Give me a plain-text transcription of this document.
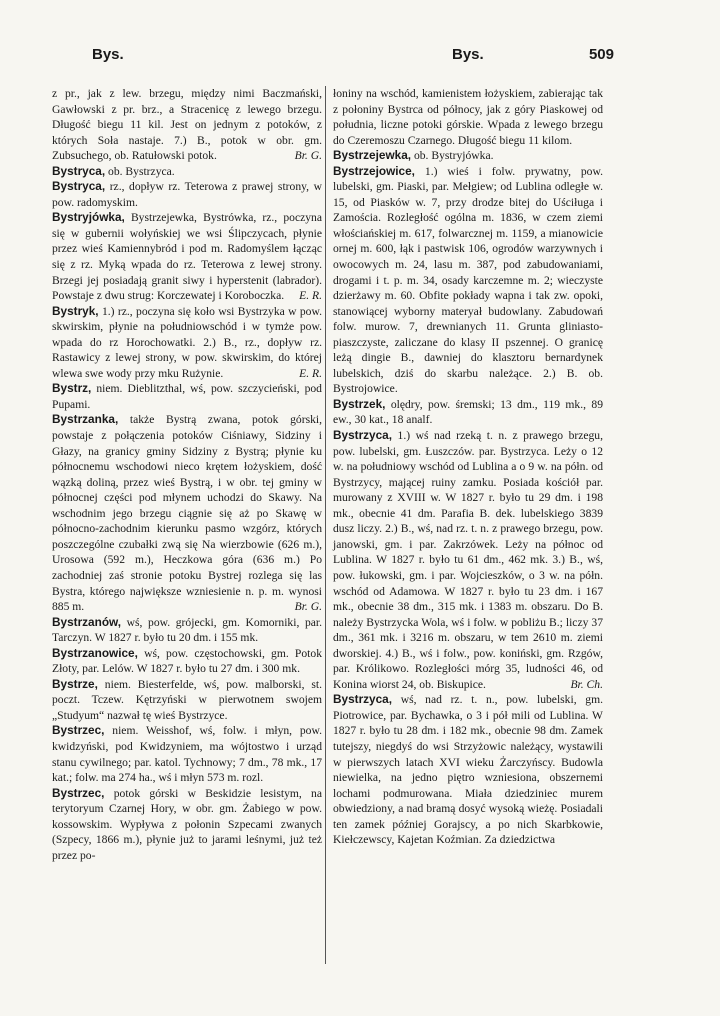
Bys.	Bys.	509

z pr., jak z lew. brzegu, między nimi Baczmański, Gawłowski z pr. brz., a Stracenicę z lewego brzegu. Długość biegu 11 kil. Jest on jednym z potoków, z których Soła nastaje. 7.) B., potok w obr. gm. Zubsuchego, ob. Ratułowski potok.	Br. G.

Bystryca, ob. Bystrzyca.

Bystryca, rz., dopływ rz. Teterowa z prawej strony, w pow. radomyskim.

Bystryjówka, Bystrzejewka, Bystrówka, rz., poczyna się w gubernii wołyńskiej we wsi Ślipczycach, płynie przez wieś Kamiennybród i pod m. Radomyślem łącząc się z rz. Myką wpada do rz. Teterowa z lewej strony. Brzegi jej posiadają granit siwy i hyperstenit (labrador). Powstaje z dwu strug: Korczewatej i Koroboczka. E. R.

Bystryk, 1.) rz., poczyna się koło wsi Bystrzyka w pow. skwirskim, płynie na południowschód i w tymże pow. wpada do rz Horochowatki. 2.) B., rz., dopływ rz. Rastawicy z lewej strony, w pow. skwirskim, do której wlewa swe wody przy mku Rużynie.	E. R.

Bystrz, niem. Dieblitzthal, wś, pow. szczycieński, pod Pupami.

Bystrzanka, także Bystrą zwana, potok górski, powstaje z połączenia potoków Ciśniawy, Sidziny i Głazy, na granicy gminy Sidziny z Bystrą; płynie ku północnemu wschodowi nieco krętem łożyskiem, dość wązką doliną, przez wieś Bystrą, i w obr. tej gminy w północnej części pod młynem uchodzi do Skawy. Na wschodnim jego brzegu ciągnie się aż po Skawę w północno-zachodnim kierunku pasmo wzgórz, których poszczególne czubałki zwą się Na wierzbowie (626 m.), Urosowa (592 m.), Heczkowa góra (636 m.) Po zachodniej zaś stronie potoku Bystrej rozlega się las Bystra, którego największe wzniesienie n. p. m. wynosi 885 m.	Br. G.

Bystrzanów, wś, pow. grójecki, gm. Komorniki, par. Tarczyn. W 1827 r. było tu 20 dm. i 155 mk.

Bystrzanowice, wś, pow. częstochowski, gm. Potok Złoty, par. Lelów. W 1827 r. było tu 27 dm. i 300 mk.

Bystrze, niem. Biesterfelde, wś, pow. malborski, st. poczt. Tczew. Kętrzyński w pierwotnem swojem „Studyum“ nazwał tę wieś Bystrzyce.

Bystrzec, niem. Weisshof, wś, folw. i młyn, pow. kwidzyński, pod Kwidzyniem, ma wójtostwo i urząd stanu cywilnego; par. katol. Tychnowy; 7 dm., 78 mk., 17 kat.; folw. ma 274 ha., wś i młyn 573 m. rozl.

Bystrzec, potok górski w Beskidzie lesistym, na terytoryum Czarnej Hory, w obr. gm. Żabiego w pow. kossowskim. Wypływa z połonin Szpecami zwanych (Szpecy, 1866 m.), płynie już to jarami leśnymi, już też przez po-

łoniny na wschód, kamienistem łożyskiem, zabierając tak z połoniny Bystrca od północy, jak z góry Piaskowej od południa, liczne potoki górskie. Wpada z lewego brzegu do Czeremoszu Czarnego. Długość biegu 11 kilom.

Bystrzejewka, ob. Bystryjówka.

Bystrzejowice, 1.) wieś i folw. prywatny, pow. lubelski, gm. Piaski, par. Mełgiew; od Lublina odległe w. 15, od Piasków w. 7, przy drodze bitej do Uściługa i Zamościa. Rozległość ogólna m. 1836, w czem ziemi włościańskiej m. 617, folwarcznej m. 1159, a mianowicie ornej m. 600, łąk i pastwisk 106, ogrodów warzywnych i owocowych m. 24, lasu m. 387, pod zabudowaniami, drogami i t. p. m. 34, osady karczemne m. 2; wieczyste dzierżawy m. 60. Obfite pokłady wapna i tak zw. opoki, stanowiącej wyborny materyał budowlany. Zabudowań folw. murow. 7, drewnianych 11. Grunta gliniasto-piaszczyste, zaliczane do klasy II pszennej. O granicę leżą dingie B., dawniej do klasztoru bernardynek lubelskich, dziś do skarbu należące. 2.) B. ob. Bystrojowice.

Bystrzek, olędry, pow. śremski; 13 dm., 119 mk., 89 ew., 30 kat., 18 analf.

Bystrzyca, 1.) wś nad rzeką t. n. z prawego brzegu, pow. lubelski, gm. Łuszczów. par. Bystrzyca. Leży o 12 w. na południowy wschód od Lublina a o 9 w. na półn. od Bystrzycy, mającej ruiny zamku. Posiada kościół par. murowany z XVIII w. W 1827 r. było tu 29 dm. i 198 mk., obecnie 41 dm. Parafia B. dek. lubelskiego 3839 dusz liczy. 2.) B., wś, nad rz. t. n. z prawego brzegu, pow. janowski, gm. i par. Zakrzówek. Leży na północ od Lublina. W 1827 r. było tu 61 dm., 462 mk. 3.) B., wś, pow. łukowski, gm. i par. Wojcieszków, o 3 w. na półn. wschód od Adamowa. W 1827 r. było tu 23 dm. i 167 mk., obecnie 38 dm., 315 mk. i 1383 m. obszaru. Do B. należy Bystrzycka Wola, wś i folw. w pobliżu B.; liczy 37 dm., 361 mk. i 3216 m. obszaru, w tem 2610 m. ziemi dworskiej. 4.) B., wś i folw., pow. koniński, gm. Rzgów, par. Królikowo. Rozległości mórg 35, ludności 46, od Konina wiorst 24, ob. Biskupice.	Br. Ch.

Bystrzyca, wś, nad rz. t. n., pow. lubelski, gm. Piotrowice, par. Bychawka, o 3 i pół mili od Lublina. W 1827 r. było tu 28 dm. i 182 mk., obecnie 98 dm. Zamek tutejszy, niegdyś do wsi Strzyżowic należący, wystawili w pierwszych latach XVI wieku Żarczyńscy. Budowla niewielka, na jedno piętro wzniesiona, obszernemi lochami podmurowana. Miała dziedziniec murem obwiedziony, a nad bramą dosyć wysoką wieżę. Posiadali ten zamek później Gorajscy, a po nich Skarbkowie, Kiełczewscy, Kajetan Koźmian. Za dziedzictwa
